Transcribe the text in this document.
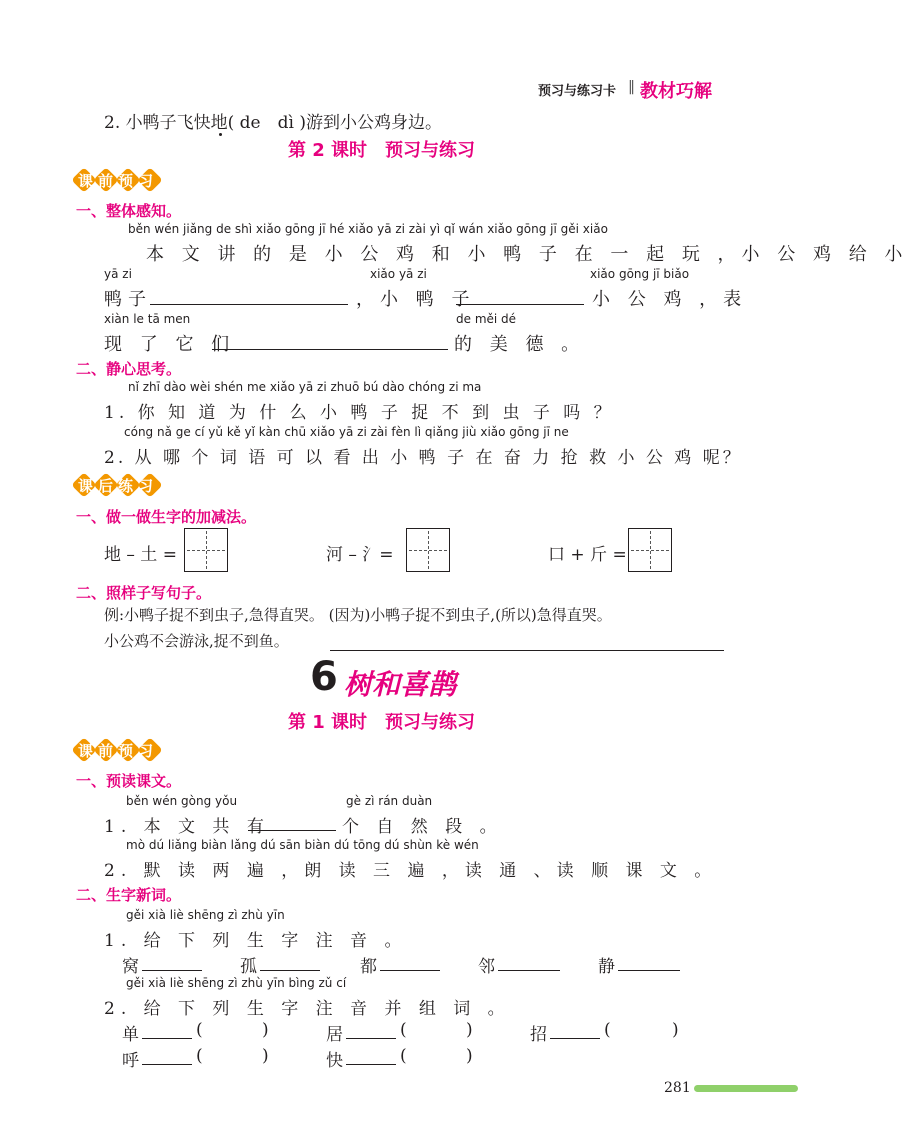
预习与练习卡 ‖ 教材巧解
2. 小鸭子飞快地( de　dì )游到小公鸡身边。
第 2 课时　预习与练习
课前预习
一、整体感知。
běn wén jiǎng de shì xiǎo gōng jī hé xiǎo yā zi zài yì qǐ wán xiǎo gōng jī gěi xiǎo
本 文 讲 的 是 小 公 鸡 和 小 鸭 子 在 一 起 玩 ，小 公 鸡 给 小
yā zi	xiǎo yā zi	xiǎo gōng jī biǎo
鸭子	，小 鸭 子	小 公 鸡 ，表
xiàn le tā men	de měi dé
现 了 它 们	的 美 德 。
二、静心思考。
nǐ zhī dào wèi shén me xiǎo yā zi zhuō bú dào chóng zi ma
1. 你 知 道 为 什 么 小 鸭 子 捉 不 到 虫 子 吗 ？
cóng nǎ ge cí yǔ kě yǐ kàn chū xiǎo yā zi zài fèn lì qiǎng jiù xiǎo gōng jī ne
2. 从 哪 个 词 语 可 以 看 出 小 鸭 子 在 奋 力 抢 救 小 公 鸡 呢？
课后练习
一、做一做生字的加减法。
地 – 土 =	河 – 氵=	口 + 斤 =
二、照样子写句子。
例:小鸭子捉不到虫子,急得直哭。 (因为)小鸭子捉不到虫子,(所以)急得直哭。
小公鸡不会游泳,捉不到鱼。
6 树和喜鹊
第 1 课时　预习与练习
课前预习
一、预读课文。
běn wén gòng yǒu	gè zì rán duàn
1. 本 文 共 有	个 自 然 段 。
mò dú liǎng biàn lǎng dú sān biàn dú tōng dú shùn kè wén
2. 默 读 两 遍 ，朗 读 三 遍 ，读 通 、读 顺 课 文 。
二、生字新词。
gěi xià liè shēng zì zhù yīn
1. 给 下 列 生 字 注 音 。
窝	孤	都	邻	静
gěi xià liè shēng zì zhù yīn bìng zǔ cí
2. 给 下 列 生 字 注 音 并 组 词 。
单	(	)	居	(	)	招	(	)
呼	(	)	快	(	)
281
